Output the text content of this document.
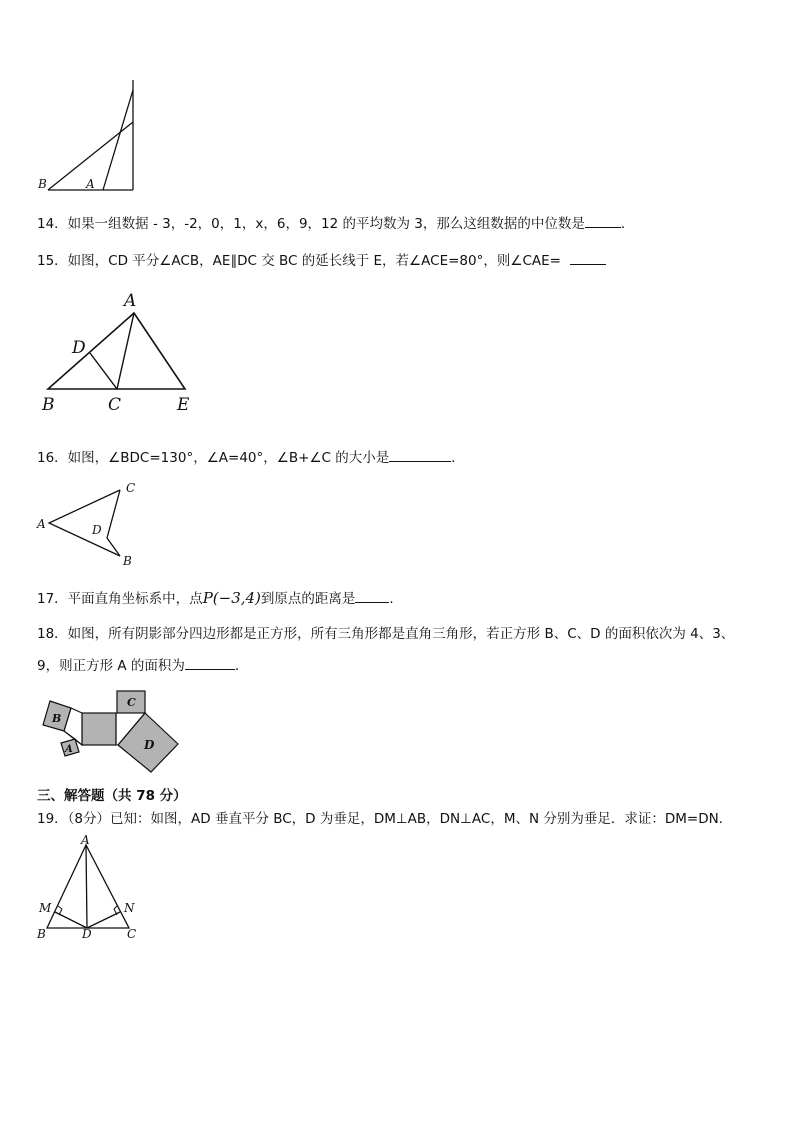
B	A
14．如果一组数据 - 3，-2，0，1，x，6，9，12 的平均数为 3，那么这组数据的中位数是	.
15．如图，CD 平分∠ACB，AE∥DC 交 BC 的延长线于 E，若∠ACE=80°，则∠CAE=
A
D
B	C	E
16．如图，∠BDC=130°，∠A=40°，∠B+∠C 的大小是	.
C
A	D
B
17．平面直角坐标系中，点P(−3,4)到原点的距离是	.
18．如图，所有阴影部分四边形都是正方形，所有三角形都是直角三角形，若正方形 B、C、D 的面积依次为 4、3、
9，则正方形 A 的面积为	.
B
C
A	D
三、解答题（共 78 分）
19．（8分）已知：如图，AD 垂直平分 BC，D 为垂足，DM⊥AB，DN⊥AC，M、N 分别为垂足．求证：DM=DN．
A
M	N
B	D	C
